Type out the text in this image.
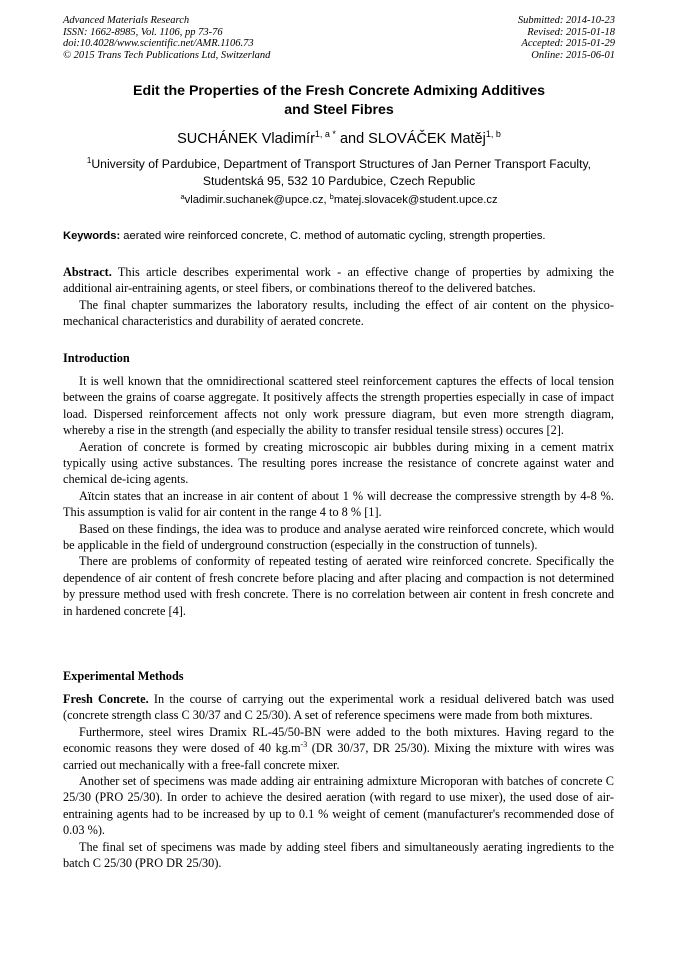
Advanced Materials Research
ISSN: 1662-8985, Vol. 1106, pp 73-76
doi:10.4028/www.scientific.net/AMR.1106.73
© 2015 Trans Tech Publications Ltd, Switzerland
Submitted: 2014-10-23
Revised: 2015-01-18
Accepted: 2015-01-29
Online: 2015-06-01
Edit the Properties of the Fresh Concrete Admixing Additives
and Steel Fibres
SUCHÁNEK Vladimír$^{1, a *}$ and SLOVÁČEK Matěj$^{1, b}$
$^1$University of Pardubice, Department of Transport Structures of Jan Perner Transport Faculty,
Studentská 95, 532 10 Pardubice, Czech Republic
$^a$vladimir.suchanek@upce.cz, $^b$matej.slovacek@student.upce.cz
Keywords: aerated wire reinforced concrete, C. method of automatic cycling, strength properties.

Abstract. This article describes experimental work - an effective change of properties by admixing the additional air-entraining agents, or steel fibers, or combinations thereof to the delivered batches.

The final chapter summarizes the laboratory results, including the effect of air content on the physico-mechanical characteristics and durability of aerated concrete.

Introduction

It is well known that the omnidirectional scattered steel reinforcement captures the effects of local tension between the grains of coarse aggregate. It positively affects the strength properties especially in case of impact load. Dispersed reinforcement affects not only work pressure diagram, but even more strength diagram, whereby a rise in the strength (and especially the ability to transfer residual tensile stress) occures [2].

Aeration of concrete is formed by creating microscopic air bubbles during mixing in a cement matrix typically using active substances. The resulting pores increase the resistance of concrete against water and chemical de-icing agents.

Aïtcin states that an increase in air content of about 1 % will decrease the compressive strength by 4-8 %. This assumption is valid for air content in the range 4 to 8 % [1].

Based on these findings, the idea was to produce and analyse aerated wire reinforced concrete, which would be applicable in the field of underground construction (especially in the construction of tunnels).

There are problems of conformity of repeated testing of aerated wire reinforced concrete. Specifically the dependence of air content of fresh concrete before placing and after placing and compaction is not determined by pressure method used with fresh concrete. There is no correlation between air content in fresh concrete and in hardened concrete [4].

Experimental Methods

Fresh Concrete. In the course of carrying out the experimental work a residual delivered batch was used (concrete strength class C 30/37 and C 25/30). A set of reference specimens were made from both mixtures.

Furthermore, steel wires Dramix RL-45/50-BN were added to the both mixtures. Having regard to the economic reasons they were dosed of 40 $kg.m^{-3}$ (DR 30/37, DR 25/30). Mixing the mixture with wires was carried out mechanically with a free-fall concrete mixer.

Another set of specimens was made adding air entraining admixture Microporan with batches of concrete C 25/30 (PRO 25/30). In order to achieve the desired aeration (with regard to use mixer), the used dose of air-entraining agents had to be increased by up to 0.1 % weight of cement (manufacturer's recommended dose of 0.03 %).

The final set of specimens was made by adding steel fibers and simultaneously aerating ingredients to the batch C 25/30 (PRO DR 25/30).
